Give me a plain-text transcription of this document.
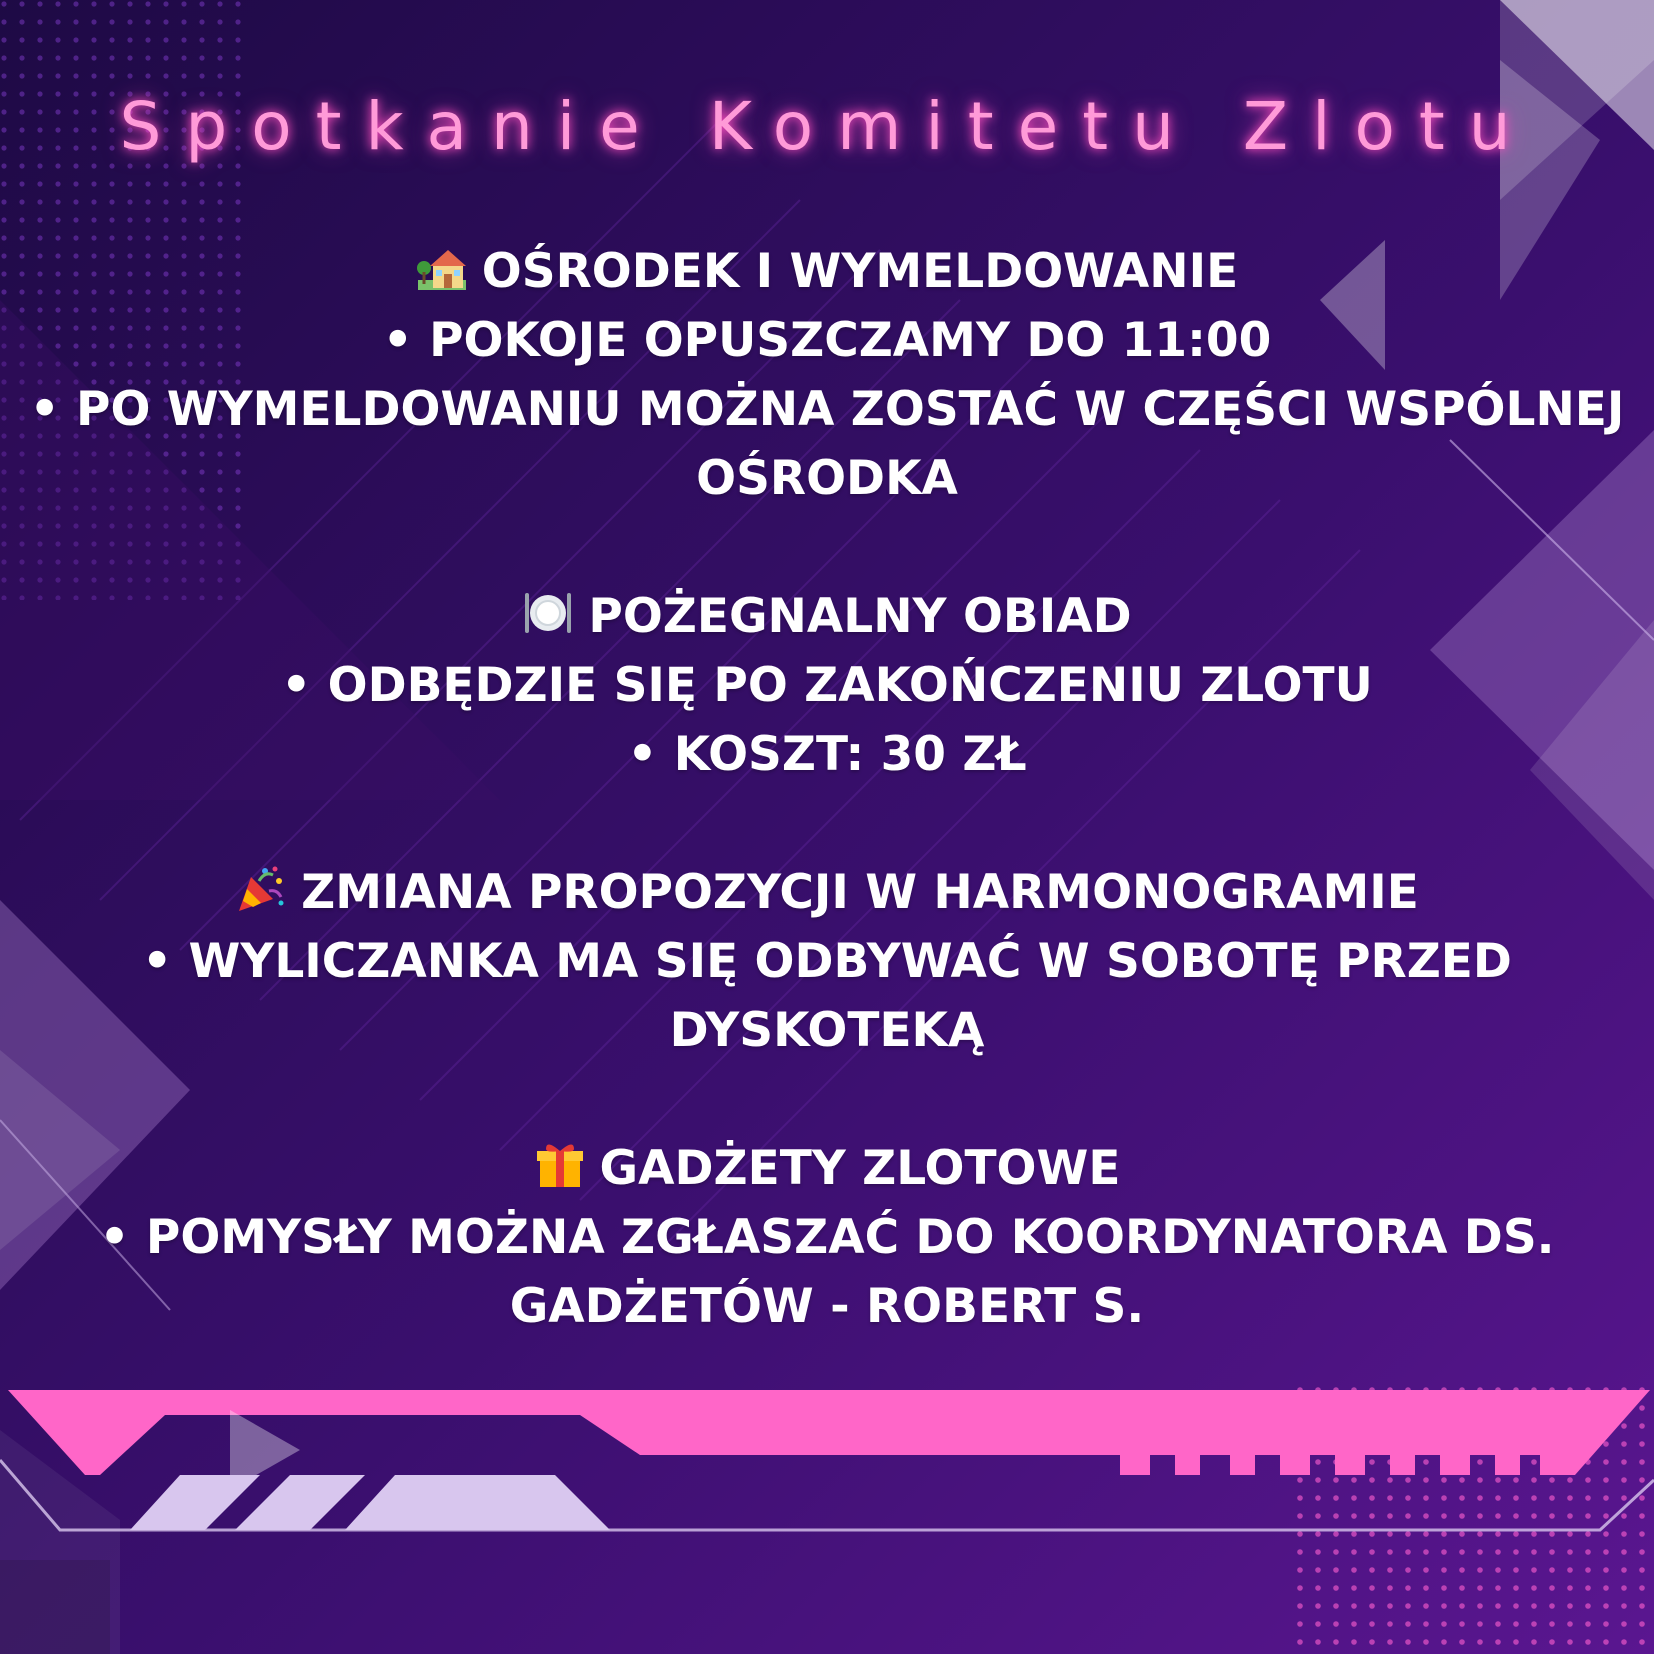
Spotkanie Komitetu Zlotu
OŚRODEK I WYMELDOWANIE
• POKOJE OPUSZCZAMY DO 11:00
• PO WYMELDOWANIU MOŻNA ZOSTAĆ W CZĘŚCI WSPÓLNEJ OŚRODKA
POŻEGNALNY OBIAD
• ODBĘDZIE SIĘ PO ZAKOŃCZENIU ZLOTU
• KOSZT: 30 ZŁ
ZMIANA PROPOZYCJI W HARMONOGRAMIE
• WYLICZANKA MA SIĘ ODBYWAĆ W SOBOTĘ PRZED DYSKOTEKĄ
GADŻETY ZLOTOWE
• POMYSŁY MOŻNA ZGŁASZAĆ DO KOORDYNATORA DS. GADŻETÓW - ROBERT S.
